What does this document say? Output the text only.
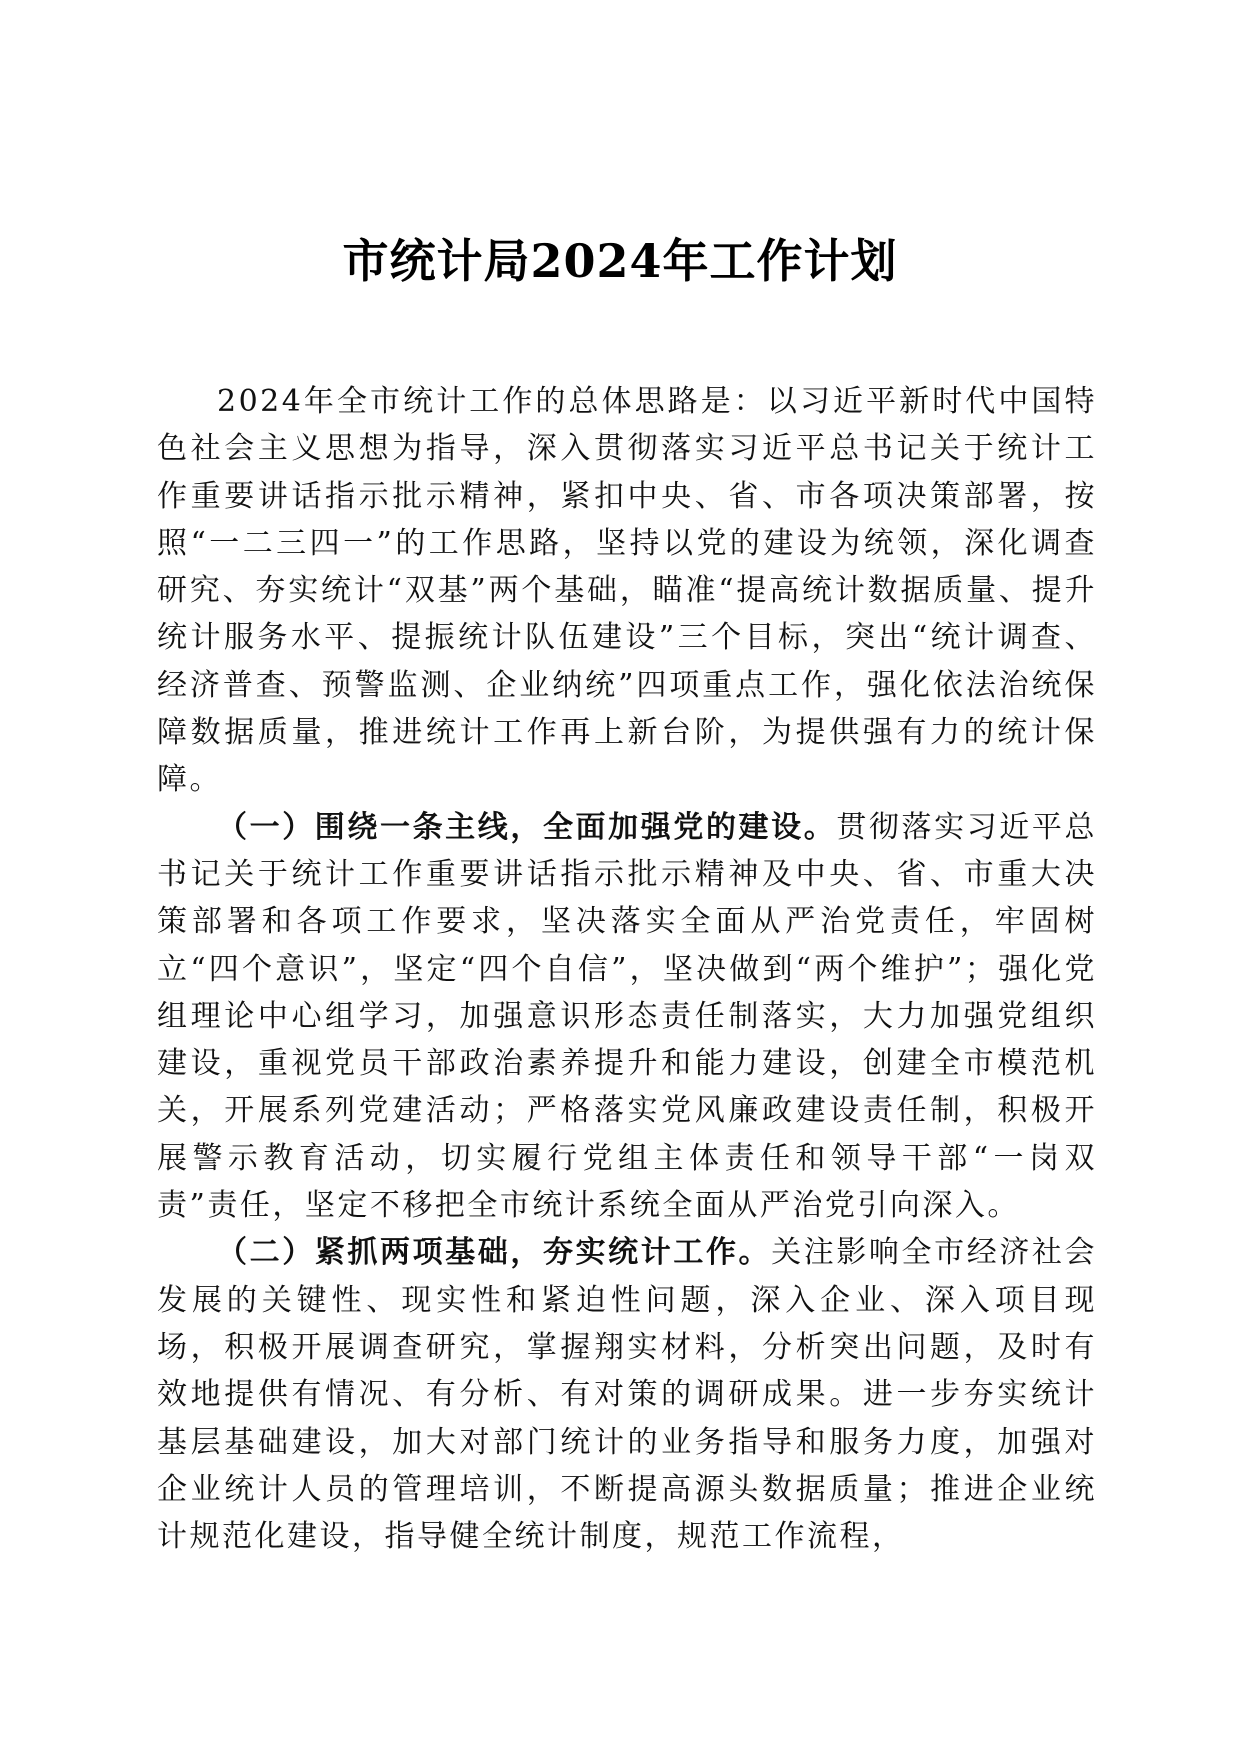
市统计局2024年工作计划

2024年全市统计工作的总体思路是：以习近平新时代中国特色社会主义思想为指导，深入贯彻落实习近平总书记关于统计工作重要讲话指示批示精神，紧扣中央、省、市各项决策部署，按照“一二三四一”的工作思路，坚持以党的建设为统领，深化调查研究、夯实统计“双基”两个基础，瞄准“提高统计数据质量、提升统计服务水平、提振统计队伍建设”三个目标，突出“统计调查、经济普查、预警监测、企业纳统”四项重点工作，强化依法治统保障数据质量，推进统计工作再上新台阶，为提供强有力的统计保障。

（一）围绕一条主线，全面加强党的建设。贯彻落实习近平总书记关于统计工作重要讲话指示批示精神及中央、省、市重大决策部署和各项工作要求，坚决落实全面从严治党责任，牢固树立“四个意识”，坚定“四个自信”，坚决做到“两个维护”；强化党组理论中心组学习，加强意识形态责任制落实，大力加强党组织建设，重视党员干部政治素养提升和能力建设，创建全市模范机关，开展系列党建活动；严格落实党风廉政建设责任制，积极开展警示教育活动，切实履行党组主体责任和领导干部“一岗双责”责任，坚定不移把全市统计系统全面从严治党引向深入。

（二）紧抓两项基础，夯实统计工作。关注影响全市经济社会发展的关键性、现实性和紧迫性问题，深入企业、深入项目现场，积极开展调查研究，掌握翔实材料，分析突出问题，及时有效地提供有情况、有分析、有对策的调研成果。进一步夯实统计基层基础建设，加大对部门统计的业务指导和服务力度，加强对企业统计人员的管理培训，不断提高源头数据质量；推进企业统计规范化建设，指导健全统计制度，规范工作流程，
